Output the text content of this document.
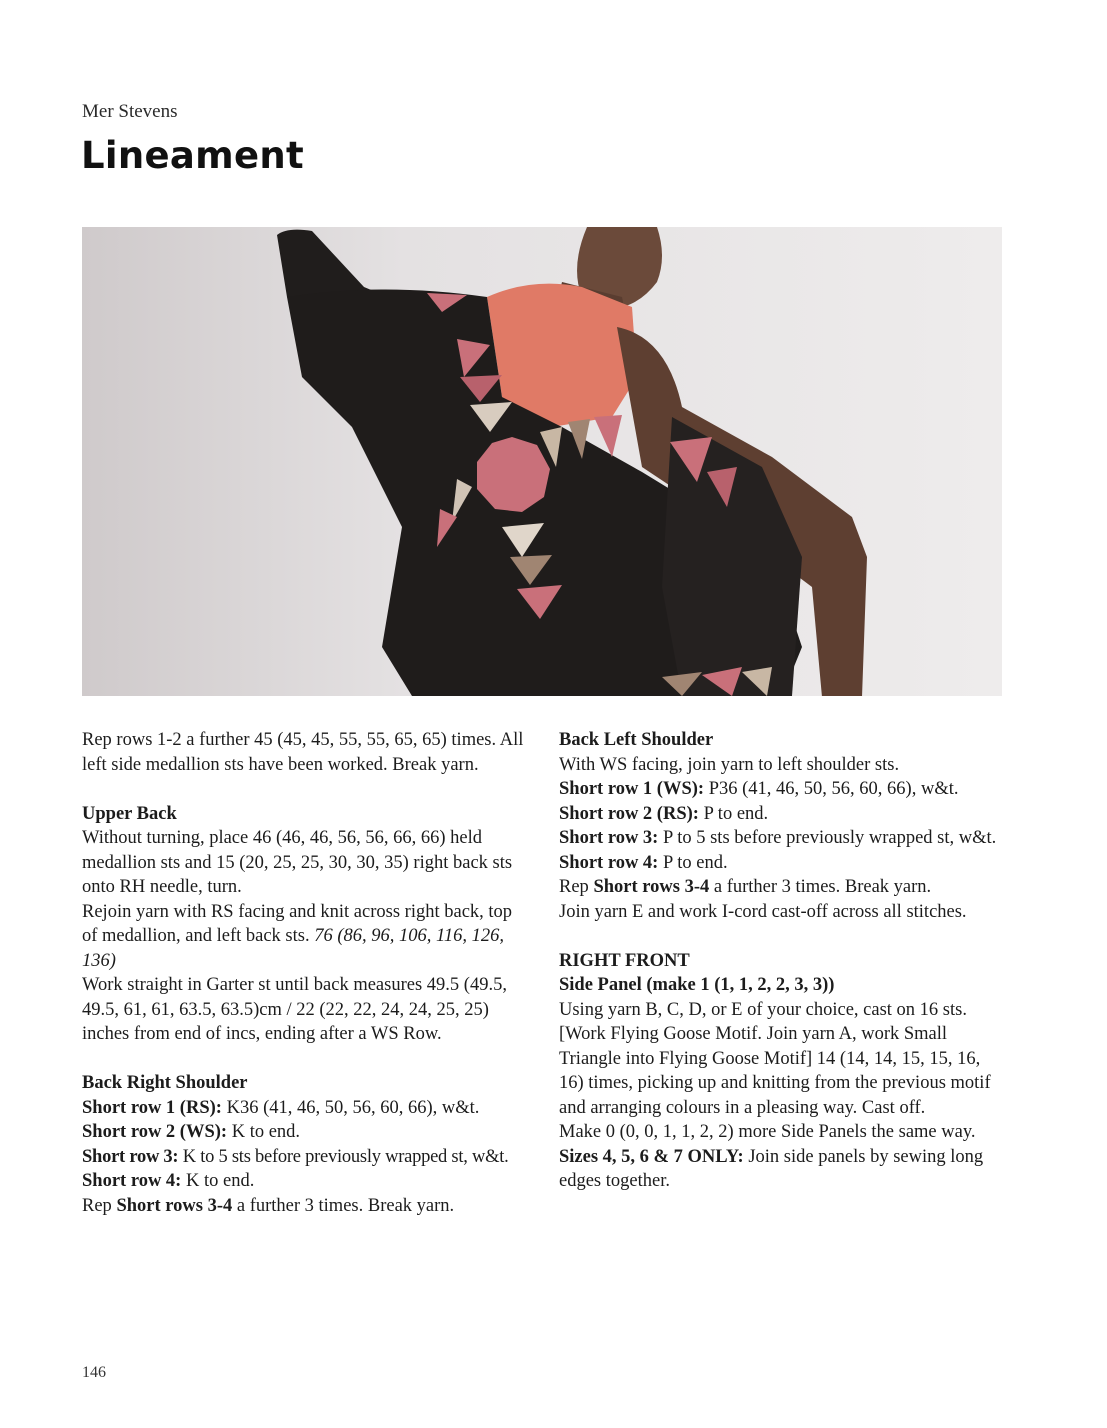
Mer Stevens
Lineament

Rep rows 1-2 a further 45 (45, 45, 55, 55, 65, 65) times. All left side medallion sts have been worked. Break yarn.

Upper Back

Without turning, place 46 (46, 46, 56, 56, 66, 66) held medallion sts and 15 (20, 25, 25, 30, 30, 35) right back sts onto RH needle, turn.

Rejoin yarn with RS facing and knit across right back, top of medallion, and left back sts. 76 (86, 96, 106, 116, 126, 136)

Work straight in Garter st until back measures 49.5 (49.5, 49.5, 61, 61, 63.5, 63.5)cm / 22 (22, 22, 24, 24, 25, 25) inches from end of incs, ending after a WS Row.

Back Right Shoulder

Short row 1 (RS): K36 (41, 46, 50, 56, 60, 66), w&t.

Short row 2 (WS): K to end.

Short row 3: K to 5 sts before previously wrapped st, w&t.

Short row 4: K to end.

Rep Short rows 3-4 a further 3 times. Break yarn.

Back Left Shoulder

With WS facing, join yarn to left shoulder sts.

Short row 1 (WS): P36 (41, 46, 50, 56, 60, 66), w&t.

Short row 2 (RS): P to end.

Short row 3: P to 5 sts before previously wrapped st, w&t.

Short row 4: P to end.

Rep Short rows 3-4 a further 3 times. Break yarn.

Join yarn E and work I-cord cast-off across all stitches.

RIGHT FRONT

Side Panel (make 1 (1, 1, 2, 2, 3, 3))

Using yarn B, C, D, or E of your choice, cast on 16 sts.

[Work Flying Goose Motif. Join yarn A, work Small Triangle into Flying Goose Motif] 14 (14, 14, 15, 15, 16, 16) times, picking up and knitting from the previous motif and arranging colours in a pleasing way. Cast off.

Make 0 (0, 0, 1, 1, 2, 2) more Side Panels the same way.

Sizes 4, 5, 6 & 7 ONLY: Join side panels by sewing long edges together.

146
